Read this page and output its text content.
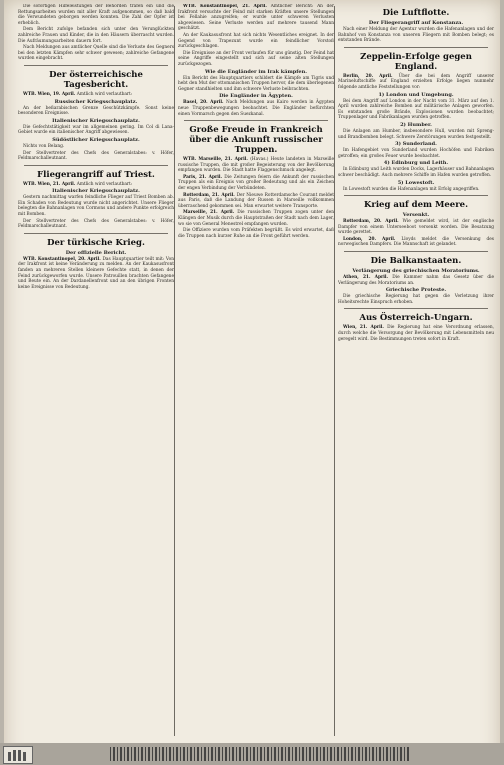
Die sofortigen Hilfeleistungen der Behörden trafen ein und die Rettungsarbeiten wurden mit aller Kraft aufgenommen, so daß bald die Verwundeten geborgen werden konnten. Die Zahl der Opfer ist erheblich.

Dem Bericht zufolge befanden sich unter den Verunglückten zahlreiche Frauen und Kinder, die in den Häusern überrascht wurden. Die Aufräumungsarbeiten dauern fort.

Nach Meldungen aus amtlicher Quelle sind die Verluste des Gegners bei den letzten Kämpfen sehr schwer gewesen; zahlreiche Gefangene wurden eingebracht.

Der österreichische Tagesbericht.

WTB. Wien, 19. April. Amtlich wird verlautbart:

Russischer Kriegsschauplatz.

An der beßarabischen Grenze Geschützkämpfe. Sonst keine besonderen Ereignisse.

Italienischer Kriegsschauplatz.

Die Gefechtstätigkeit war im allgemeinen gering. Im Col di Lana-Gebiet wurde ein italienischer Angriff abgewiesen.

Südöstlicher Kriegsschauplatz.

Nichts von Belang.

Der Stellvertreter des Chefs des Generalstabes: v. Höfer, Feldmarschalleutnant.

Fliegerangriff auf Triest.

WTB. Wien, 21. April. Amtlich wird verlautbart:

Italienischer Kriegsschauplatz.

Gestern nachmittag warfen feindliche Flieger auf Triest Bomben ab. Ein Schaden von Bedeutung wurde nicht angerichtet. Unsere Flieger belegten die Bahnanlagen von Cormons und andere Punkte erfolgreich mit Bomben.

Der Stellvertreter des Chefs des Generalstabes: v. Höfer, Feldmarschalleutnant.

Der türkische Krieg.
Der offizielle Bericht.

WTB. Konstantinopel, 20. April. Das Hauptquartier teilt mit: Von der Irakfront ist keine Veränderung zu melden. An der Kaukasusfront fanden an mehreren Stellen kleinere Gefechte statt, in denen der Feind zurückgeworfen wurde. Unsere Patrouillen brachten Gefangene und Beute ein. An der Dardanellenfront und an den übrigen Fronten keine Ereignisse von Bedeutung.

WTB. Konstantinopel, 21. April. Amtlicher Bericht: An der Irakfront versuchte der Feind mit starken Kräften unsere Stellungen bei Fellahie anzugreifen; er wurde unter schweren Verlusten abgewiesen. Seine Verluste werden auf mehrere tausend Mann geschätzt.

An der Kaukasusfront hat sich nichts Wesentliches ereignet. In der Gegend von Trapezunt wurde ein feindlicher Vorstoß zurückgeschlagen.

Die Ereignisse an der Front verlaufen für uns günstig. Der Feind hat seine Angriffe eingestellt und sich auf seine alten Stellungen zurückgezogen.

Wie die Engländer im Irak kämpfen.

Ein Bericht des Hauptquartiers schildert die Kämpfe am Tigris und hebt den Mut der ottomanischen Truppen hervor, die dem überlegenen Gegner standhielten und ihm schwere Verluste beibrachten.

Die Engländer in Ägypten.

Basel, 20. April. Nach Meldungen aus Kairo werden in Ägypten neue Truppenbewegungen beobachtet. Die Engländer befürchten einen Vormarsch gegen den Suezkanal.

Große Freude in Frankreich über die Ankunft russischer Truppen.

WTB. Marseille, 21. April. (Havas.) Heute landeten in Marseille russische Truppen, die mit großer Begeisterung von der Bevölkerung empfangen wurden. Die Stadt hatte Flaggenschmuck angelegt.

Paris, 21. April. Die Zeitungen feiern die Ankunft der russischen Truppen als ein Ereignis von großer Bedeutung und als ein Zeichen der engen Verbindung der Verbündeten.

Rotterdam, 21. April. Der Nieuwe Rotterdamsche Courant meldet aus Paris, daß die Landung der Russen in Marseille vollkommen überraschend gekommen sei. Man erwartet weitere Transporte.

Marseille, 21. April. Die russischen Truppen zogen unter den Klängen der Musik durch die Hauptstraßen der Stadt nach dem Lager, wo sie von General Menestrel empfangen wurden.

Die Offiziere wurden vom Präfekten begrüßt. Es wird erwartet, daß die Truppen nach kurzer Ruhe an die Front geführt werden.

Die Luftflotte.
Der Fliegerangriff auf Konstanza.

Nach einer Meldung der Agentur wurden die Hafenanlagen und der Bahnhof von Konstanza von unseren Fliegern mit Bomben belegt; es entstanden Brände.

Zeppelin-Erfolge gegen England.

Berlin, 20. April. Über die bei dem Angriff unserer Marineluftschiffe auf England erzielten Erfolge liegen nunmehr folgende amtliche Feststellungen vor:

1) London und Umgebung.

Bei dem Angriff auf London in der Nacht vom 31. März auf den 1. April wurden zahlreiche Bomben auf militärische Anlagen geworfen. Es entstanden große Brände, Explosionen wurden beobachtet; Truppenlager und Fabrikanlagen wurden getroffen.

2) Humber.

Die Anlagen am Humber, insbesondere Hull, wurden mit Spreng- und Brandbomben belegt. Schwere Zerstörungen wurden festgestellt.

3) Sunderland.

Im Hafengebiet von Sunderland wurden Hochöfen und Fabriken getroffen; ein großes Feuer wurde beobachtet.

4) Edinburg und Leith.

In Edinburg und Leith wurden Docks, Lagerhäuser und Bahnanlagen schwer beschädigt. Auch mehrere Schiffe im Hafen wurden getroffen.

5) Lowestoft.

In Lowestoft wurden die Hafenanlagen mit Erfolg angegriffen.

Krieg auf dem Meere.
Versenkt.

Rotterdam, 20. April. Wie gemeldet wird, ist der englische Dampfer von einem Unterseeboot versenkt worden. Die Besatzung wurde gerettet.

London, 20. April. Lloyds meldet die Versenkung des norwegischen Dampfers. Die Mannschaft ist gelandet.

Die Balkanstaaten.
Verlängerung des griechischen Moratoriums.

Athen, 21. April. Die Kammer nahm das Gesetz über die Verlängerung des Moratoriums an.

Griechische Proteste.

Die griechische Regierung hat gegen die Verletzung ihrer Hoheitsrechte Einspruch erhoben.

Aus Österreich-Ungarn.

Wien, 21. April. Die Regierung hat eine Verordnung erlassen, durch welche die Versorgung der Bevölkerung mit Lebensmitteln neu geregelt wird. Die Bestimmungen treten sofort in Kraft.
